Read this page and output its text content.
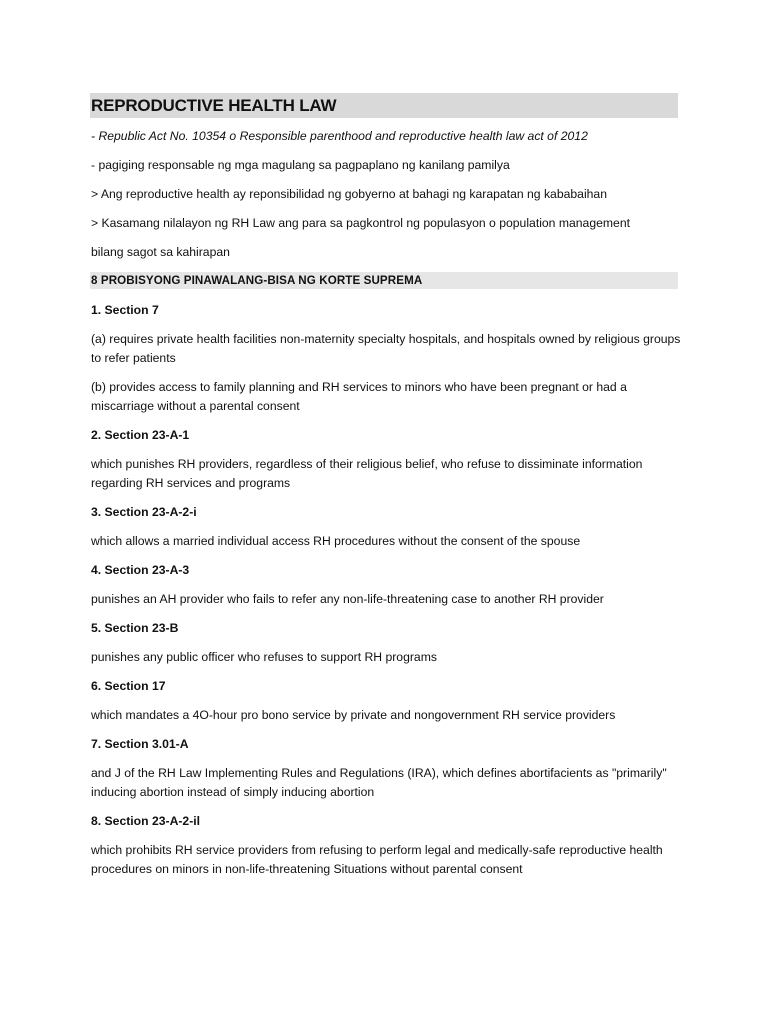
REPRODUCTIVE HEALTH LAW
- Republic Act No. 10354 o Responsible parenthood and reproductive health law act of 2012
- pagiging responsable ng mga magulang sa pagpaplano ng kanilang pamilya
> Ang reproductive health ay reponsibilidad ng gobyerno at bahagi ng karapatan ng kababaihan
> Kasamang nilalayon ng RH Law ang para sa pagkontrol ng populasyon o population management
bilang sagot sa kahirapan
8 PROBISYONG PINAWALANG-BISA NG KORTE SUPREMA
1. Section 7
(a) requires private health facilities non-maternity specialty hospitals, and hospitals owned by religious groups to refer patients
(b) provides access to family planning and RH services to minors who have been pregnant or had a miscarriage without a parental consent
2. Section 23-A-1
which punishes RH providers, regardless of their religious belief, who refuse to dissiminate information regarding RH services and programs
3. Section 23-A-2-i
which allows a married individual access RH procedures without the consent of the spouse
4. Section 23-A-3
punishes an AH provider who fails to refer any non-life-threatening case to another RH provider
5. Section 23-B
punishes any public officer who refuses to support RH programs
6. Section 17
which mandates a 4O-hour pro bono service by private and nongovernment RH service providers
7. Section 3.01-A
and J of the RH Law Implementing Rules and Regulations (IRA), which defines abortifacients as "primarily" inducing abortion instead of simply inducing abortion
8. Section 23-A-2-il
which prohibits RH service providers from refusing to perform legal and medically-safe reproductive health procedures on minors in non-life-threatening Situations without parental consent
